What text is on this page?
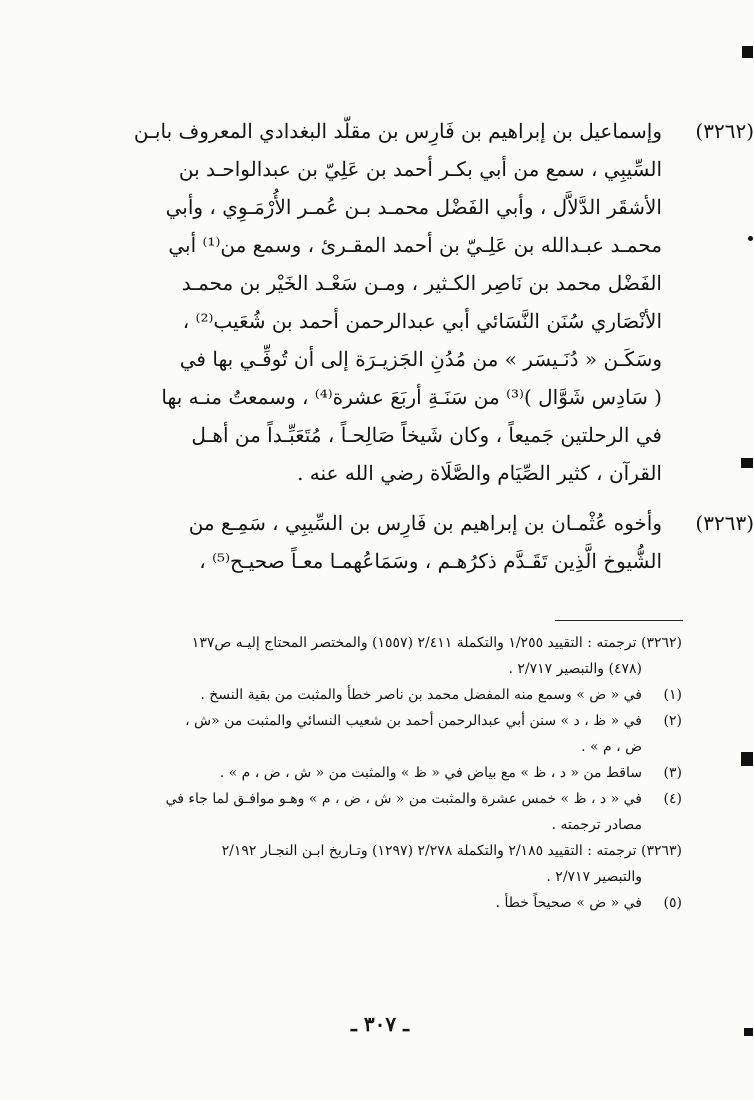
(٣٢٦٢)
وإسماعيل بن إبراهيم بن فَارِس بن مقلّد البغدادي المعروف بابـن
السِّيبِي ، سمع من أبي بكـر أحمد بن عَلِيّ بن عبدالواحـد بن
الأشقَر الدَّلاَّل ، وأبي الفَضْل محمـد بـن عُمـر الأُرْمَـوِي ، وأبي
محمـد عبـدالله بن عَلِـيّ بن أحمد المقـرئ ، وسمع من⁽¹⁾ أبي
الفَضْل محمد بن نَاصِر الكـثير ، ومـن سَعْـد الخَيْر بن محمـد
الأنْصَاري سُنَن النَّسَائي أبي عبدالرحمن أحمد بن شُعَيب⁽²⁾ ،
وسَكَـن « دُنَـيسَر » من مُدُنِ الجَزيـرَة إلى أن تُوفِّـي بها في
( سَادِس شَوَّال )⁽³⁾ من سَنَـةِ أربَعَ عشرة⁽⁴⁾ ، وسمعتُ منـه بها
في الرحلتين جَميعاً ، وكان شَيخاً صَالِحـاً ، مُتَعَبِّـداً من أهـل
القرآن ، كثير الصِّيَام والصَّلَاة رضي الله عنه .
(٣٢٦٣)
وأخوه عُثْمـان بن إبراهيم بن فَارِس بن السِّيبِي ، سَمِـع من
الشُّيوخ الَّذِين تَقَـدَّم ذكرُهـم ، وسَمَاعُهمـا معـاً صحيـح⁽⁵⁾ ،
(٣٢٦٢) ترجمته : التقييد ١/٢٥٥ والتكملة ٢/٤١١ (١٥٥٧) والمختصر المحتاج إليـه ص١٣٧
(٤٧٨) والتبصير ٢/٧١٧ .
(١)
في « ض » وسمع منه المفضل محمد بن ناصر خطأ والمثبت من بقية النسخ .
(٢)
في « ظ ، د » سنن أبي عبدالرحمن أحمد بن شعيب النسائي والمثبت من «ش ،
ض ، م » .
(٣)
ساقط من « د ، ظ » مع بياض في « ظ » والمثبت من « ش ، ض ، م » .
(٤)
في « د ، ظ » خمس عشرة والمثبت من « ش ، ض ، م » وهـو موافـق لما جاء في
مصادر ترجمته .
(٣٢٦٣) ترجمته : التقييد ٢/١٨٥ والتكملة ٢/٢٧٨ (١٢٩٧) وتـاريخ ابـن النجـار ٢/١٩٢
والتبصير ٢/٧١٧ .
(٥)
في « ض » صحيحاً خطأ .
ـ ٣٠٧ ـ
